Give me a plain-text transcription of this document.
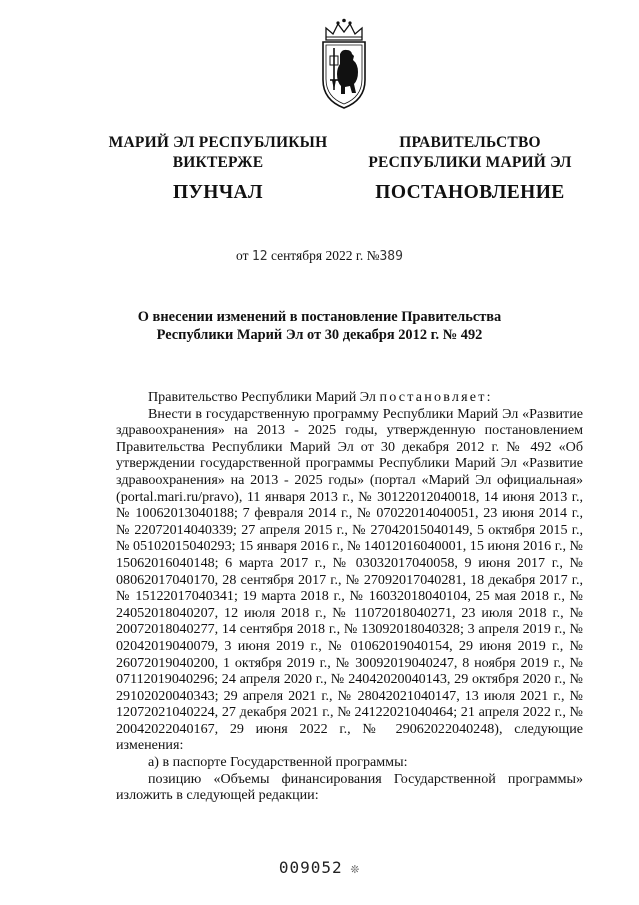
МАРИЙ ЭЛ РЕСПУБЛИКЫН
ВИКТЕРЖЕ
ПУНЧАЛ
ПРАВИТЕЛЬСТВО
РЕСПУБЛИКИ МАРИЙ ЭЛ
ПОСТАНОВЛЕНИЕ
от 12 сентября 2022 г. №389
О внесении изменений в постановление Правительства
Республики Марий Эл от 30 декабря 2012 г. № 492

Правительство Республики Марий Эл постановляет:

Внести в государственную программу Республики Марий Эл «Развитие здравоохранения» на 2013 - 2025 годы, утвержденную постановлением Правительства Республики Марий Эл от 30 декабря 2012 г. № 492 «Об утверждении государственной программы Республики Марий Эл «Развитие здравоохранения» на 2013 - 2025 годы» (портал «Марий Эл официальная» (portal.mari.ru/pravo), 11 января 2013 г., № 30122012040018, 14 июня 2013 г., № 10062013040188; 7 февраля 2014 г., № 07022014040051, 23 июня 2014 г., № 22072014040339; 27 апреля 2015 г., № 27042015040149, 5 октября 2015 г., № 05102015040293; 15 января 2016 г., № 14012016040001, 15 июня 2016 г., № 15062016040148; 6 марта 2017 г., № 03032017040058, 9 июня 2017 г., № 08062017040170, 28 сентября 2017 г., № 27092017040281, 18 декабря 2017 г., № 15122017040341; 19 марта 2018 г., № 16032018040104, 25 мая 2018 г., № 24052018040207, 12 июля 2018 г., № 11072018040271, 23 июля 2018 г., № 20072018040277, 14 сентября 2018 г., № 13092018040328; 3 апреля 2019 г., № 02042019040079, 3 июня 2019 г., № 01062019040154, 29 июня 2019 г., № 26072019040200, 1 октября 2019 г., № 30092019040247, 8 ноября 2019 г., № 07112019040296; 24 апреля 2020 г., № 24042020040143, 29 октября 2020 г., № 29102020040343; 29 апреля 2021 г., № 28042021040147, 13 июля 2021 г., № 12072021040224, 27 декабря 2021 г., № 24122021040464; 21 апреля 2022 г., № 20042022040167, 29 июня 2022 г., № 29062022040248), следующие изменения:

а) в паспорте Государственной программы:

позицию «Объемы финансирования Государственной программы» изложить в следующей редакции:

009052 ❊
